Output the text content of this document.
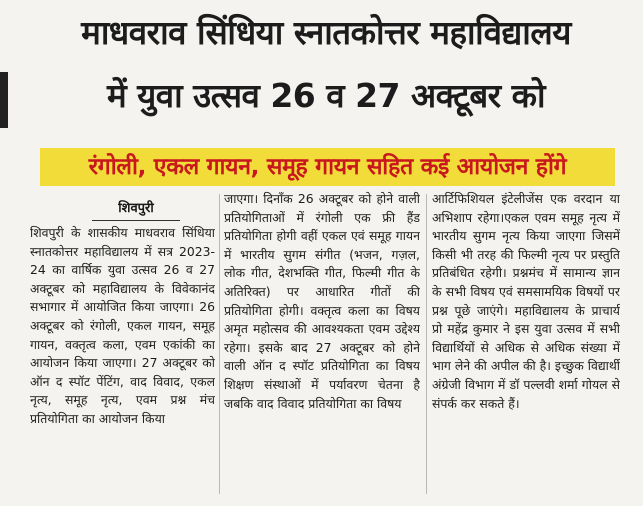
माधवराव सिंधिया स्नातकोत्तर महाविद्यालय
में युवा उत्सव 26 व 27 अक्टूबर को
रंगोली, एकल गायन, समूह गायन सहित कई आयोजन होंगे
शिवपुरी
शिवपुरी के शासकीय माधवराव सिंधिया स्नातकोत्तर महाविद्यालय में सत्र 2023-24 का वार्षिक युवा उत्सव 26 व 27 अक्टूबर को महाविद्यालय के विवेकानंद सभागार में आयोजित किया जाएगा। 26 अक्टूबर को रंगोली, एकल गायन, समूह गायन, वक्तृत्व कला, एवम एकांकी का आयोजन किया जाएगा। 27 अक्टूबर को ऑन द स्पॉट पेंटिंग, वाद विवाद, एकल नृत्य, समूह नृत्य, एवम प्रश्न मंच प्रतियोगिता का आयोजन किया
जाएगा। दिनाँक 26 अक्टूबर को होने वाली प्रतियोगिताओं में रंगोली एक फ्री हैंड प्रतियोगिता होगी वहीं एकल एवं समूह गायन में भारतीय सुगम संगीत (भजन, गज़ल, लोक गीत, देशभक्ति गीत, फिल्मी गीत के अतिरिक्त) पर आधारित गीतों की प्रतियोगिता होगी। वक्तृत्व कला का विषय अमृत महोत्सव की आवश्यकता एवम उद्देश्य रहेगा। इसके बाद 27 अक्टूबर को होने वाली ऑन द स्पॉट प्रतियोगिता का विषय शिक्षण संस्थाओं में पर्यावरण चेतना है जबकि वाद विवाद प्रतियोगिता का विषय
आर्टिफिशियल इंटेलीजेंस एक वरदान या अभिशाप रहेगा।एकल एवम समूह नृत्य में भारतीय सुगम नृत्य किया जाएगा जिसमें किसी भी तरह की फिल्मी नृत्य पर प्रस्तुति प्रतिबंधित रहेगी। प्रश्नमंच में सामान्य ज्ञान के सभी विषय एवं समसामयिक विषयों पर प्रश्न पूछे जाएंगे। महाविद्यालय के प्राचार्य प्रो महेंद्र कुमार ने इस युवा उत्सव में सभी विद्यार्थियों से अधिक से अधिक संख्या में भाग लेने की अपील की है। इच्छुक विद्यार्थी अंग्रेजी विभाग में डॉ पल्लवी शर्मा गोयल से संपर्क कर सकते हैं।
